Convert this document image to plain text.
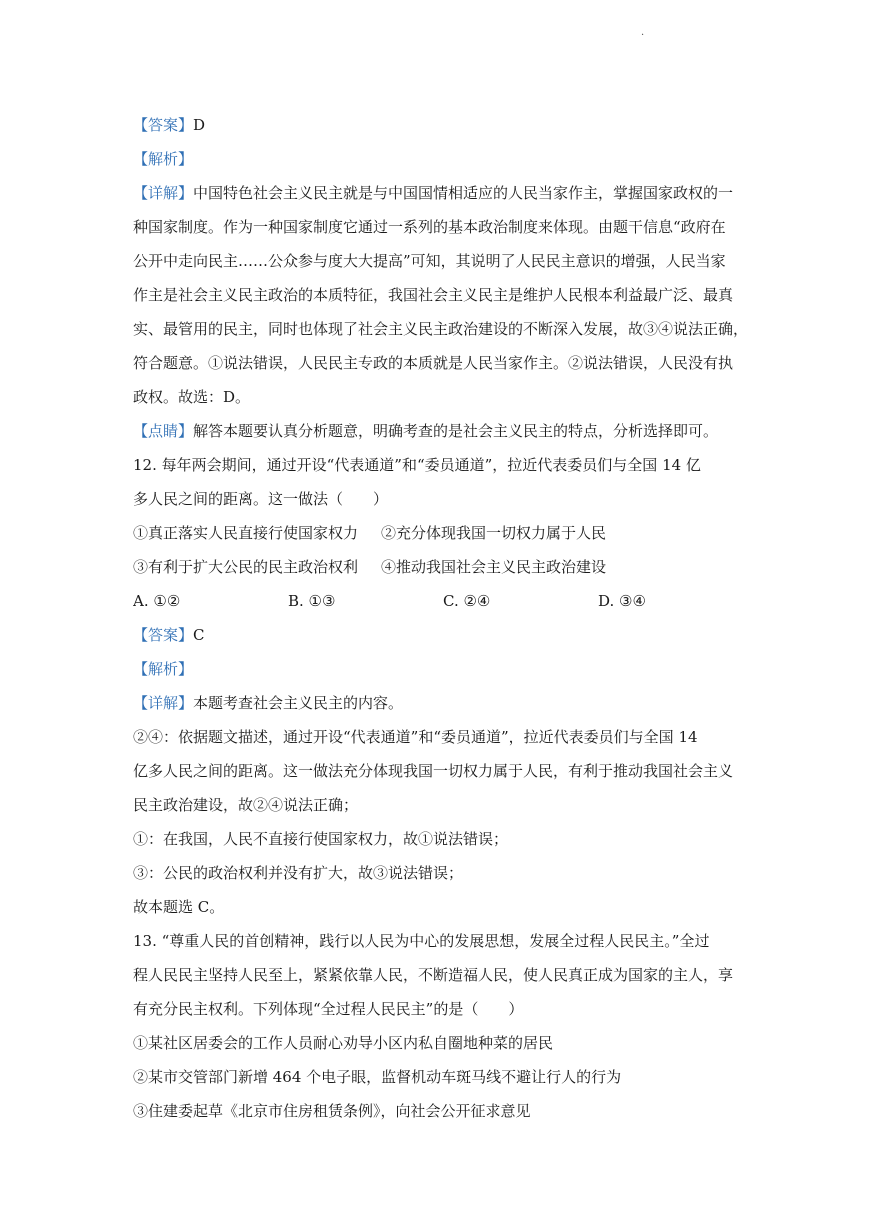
·
【答案】D
【解析】
【详解】中国特色社会主义民主就是与中国国情相适应的人民当家作主，掌握国家政权的一
种国家制度。作为一种国家制度它通过一系列的基本政治制度来体现。由题干信息“政府在
公开中走向民主……公众参与度大大提高”可知，其说明了人民民主意识的增强，人民当家
作主是社会主义民主政治的本质特征，我国社会主义民主是维护人民根本利益最广泛、最真
实、最管用的民主，同时也体现了社会主义民主政治建设的不断深入发展，故③④说法正确，
符合题意。①说法错误，人民民主专政的本质就是人民当家作主。②说法错误，人民没有执
政权。故选：D。
【点睛】解答本题要认真分析题意，明确考查的是社会主义民主的特点，分析选择即可。
12. 每年两会期间，通过开设“代表通道”和“委员通道”，拉近代表委员们与全国 14 亿
多人民之间的距离。这一做法（　　）
①真正落实人民直接行使国家权力	②充分体现我国一切权力属于人民
③有利于扩大公民的民主政治权利	④推动我国社会主义民主政治建设
A. ①②	B. ①③	C. ②④	D. ③④
【答案】C
【解析】
【详解】本题考查社会主义民主的内容。
②④：依据题文描述，通过开设“代表通道”和“委员通道”，拉近代表委员们与全国 14
亿多人民之间的距离。这一做法充分体现我国一切权力属于人民，有利于推动我国社会主义
民主政治建设，故②④说法正确；
①：在我国，人民不直接行使国家权力，故①说法错误；
③：公民的政治权利并没有扩大，故③说法错误；
故本题选 C。
13. “尊重人民的首创精神，践行以人民为中心的发展思想，发展全过程人民民主。”全过
程人民民主坚持人民至上，紧紧依靠人民，不断造福人民，使人民真正成为国家的主人，享
有充分民主权利。下列体现“全过程人民民主”的是（　　）
①某社区居委会的工作人员耐心劝导小区内私自圈地种菜的居民
②某市交管部门新增 464 个电子眼，监督机动车斑马线不避让行人的行为
③住建委起草《北京市住房租赁条例》，向社会公开征求意见
